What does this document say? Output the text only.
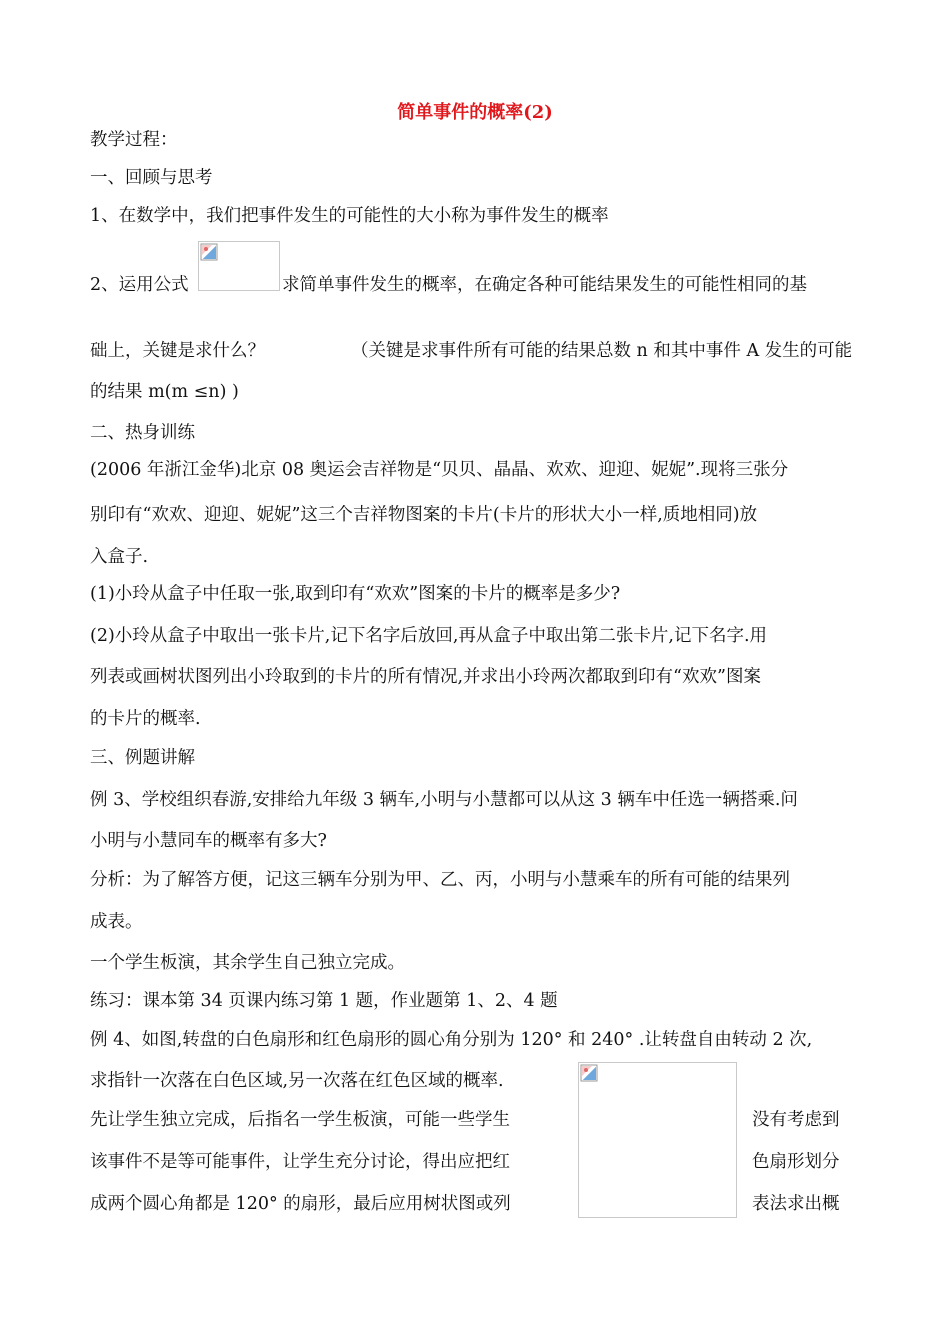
简单事件的概率(2)

教学过程：

一、回顾与思考

1、在数学中，我们把事件发生的可能性的大小称为事件发生的概率

2、运用公式	求简单事件发生的概率，在确定各种可能结果发生的可能性相同的基

础上，关键是求什么？	（关键是求事件所有可能的结果总数 n 和其中事件 A 发生的可能

的结果 m(m ≤n) )

二、热身训练

(2006 年浙江金华)北京 08 奥运会吉祥物是“贝贝、晶晶、欢欢、迎迎、妮妮”.现将三张分

别印有“欢欢、迎迎、妮妮”这三个吉祥物图案的卡片(卡片的形状大小一样,质地相同)放

入盒子.

(1)小玲从盒子中任取一张,取到印有“欢欢”图案的卡片的概率是多少?

(2)小玲从盒子中取出一张卡片,记下名字后放回,再从盒子中取出第二张卡片,记下名字.用

列表或画树状图列出小玲取到的卡片的所有情况,并求出小玲两次都取到印有“欢欢”图案

的卡片的概率.

三、例题讲解

例 3、学校组织春游,安排给九年级 3 辆车,小明与小慧都可以从这 3 辆车中任选一辆搭乘.问

小明与小慧同车的概率有多大?

分析：为了解答方便，记这三辆车分别为甲、乙、丙，小明与小慧乘车的所有可能的结果列

成表。

一个学生板演，其余学生自己独立完成。

练习：课本第 34 页课内练习第 1 题，作业题第 1、2、4 题

例 4、如图,转盘的白色扇形和红色扇形的圆心角分别为 120° 和 240° .让转盘自由转动 2 次,

求指针一次落在白色区域,另一次落在红色区域的概率.

先让学生独立完成，后指名一学生板演，可能一些学生	没有考虑到

该事件不是等可能事件，让学生充分讨论，得出应把红	色扇形划分

成两个圆心角都是 120° 的扇形，最后应用树状图或列	表法求出概
